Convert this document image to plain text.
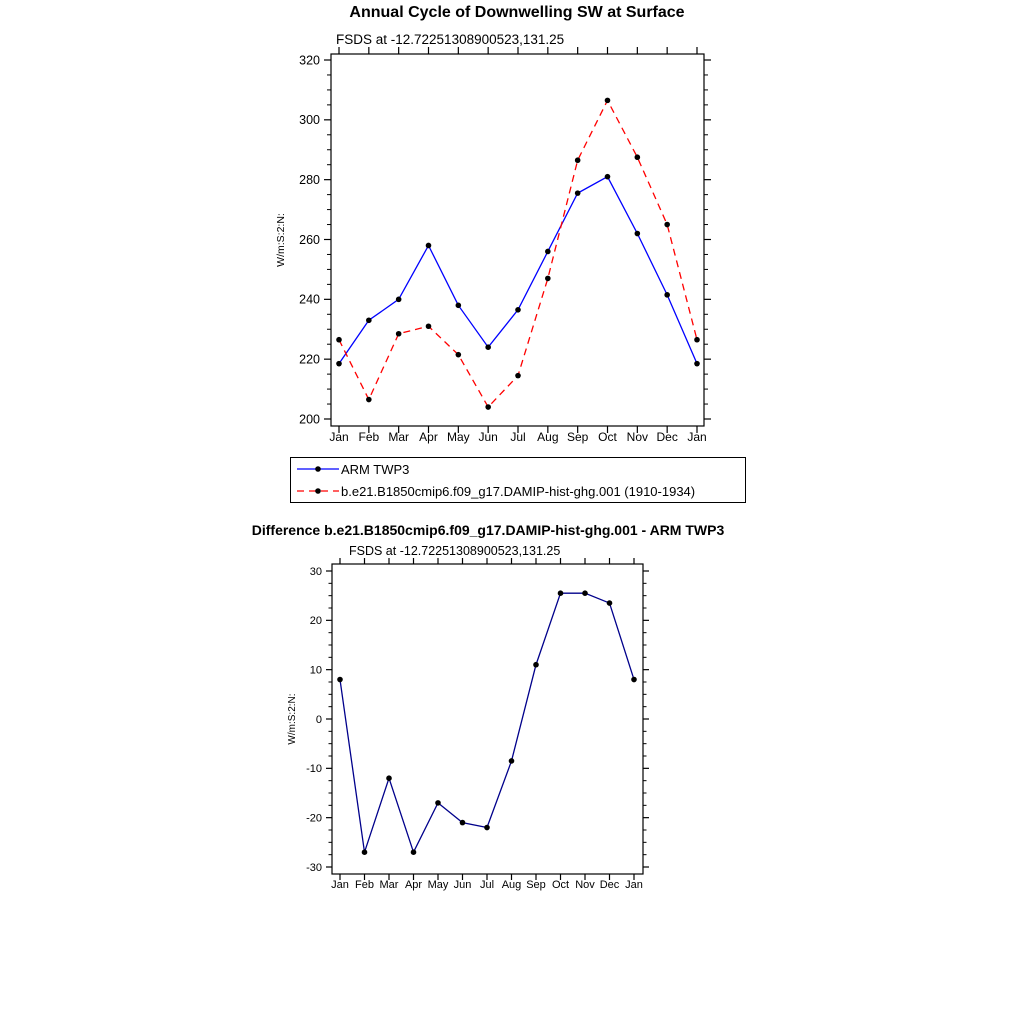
Annual Cycle of Downwelling SW at Surface
FSDS at -12.72251308900523,131.25
200
220
240
260
280
300
320
Jan Feb Mar Apr May Jun Jul Aug Sep Oct Nov Dec Jan
W/m:S:2:N:
ARM TWP3
b.e21.B1850cmip6.f09_g17.DAMIP-hist-ghg.001 (1910-1934)
Difference b.e21.B1850cmip6.f09_g17.DAMIP-hist-ghg.001 - ARM TWP3
FSDS at -12.72251308900523,131.25
-30
-20
-10
0
10
20
30
Jan Feb Mar Apr May Jun Jul Aug Sep Oct Nov Dec Jan
W/m:S:2:N:
